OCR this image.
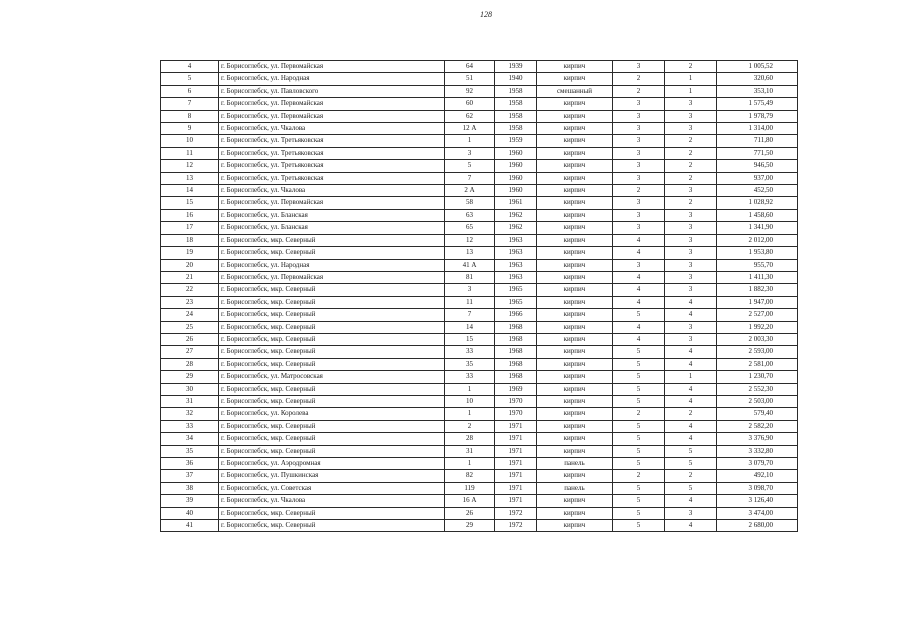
128
4	г. Борисоглебск, ул. Первомайская	64	1939	кирпич	3	2	1 005,52
5	г. Борисоглебск, ул. Народная	51	1940	кирпич	2	1	320,60
6	г. Борисоглебск, ул. Павловского	92	1958	смешанный	2	1	353,10
7	г. Борисоглебск, ул. Первомайская	60	1958	кирпич	3	3	1 575,49
8	г. Борисоглебск, ул. Первомайская	62	1958	кирпич	3	3	1 978,79
9	г. Борисоглебск, ул. Чкалова	12 А	1958	кирпич	3	3	1 314,00
10	г. Борисоглебск, ул. Третьяковская	1	1959	кирпич	3	2	711,80
11	г. Борисоглебск, ул. Третьяковская	3	1960	кирпич	3	2	771,50
12	г. Борисоглебск, ул. Третьяковская	5	1960	кирпич	3	2	946,50
13	г. Борисоглебск, ул. Третьяковская	7	1960	кирпич	3	2	937,00
14	г. Борисоглебск, ул. Чкалова	2 А	1960	кирпич	2	3	452,50
15	г. Борисоглебск, ул. Первомайская	58	1961	кирпич	3	2	1 028,92
16	г. Борисоглебск, ул. Бланская	63	1962	кирпич	3	3	1 458,60
17	г. Борисоглебск, ул. Бланская	65	1962	кирпич	3	3	1 341,90
18	г. Борисоглебск, мкр. Северный	12	1963	кирпич	4	3	2 012,00
19	г. Борисоглебск, мкр. Северный	13	1963	кирпич	4	3	1 953,80
20	г. Борисоглебск, ул. Народная	41 А	1963	кирпич	3	3	955,70
21	г. Борисоглебск, ул. Первомайская	81	1963	кирпич	4	3	1 411,30
22	г. Борисоглебск, мкр. Северный	3	1965	кирпич	4	3	1 882,30
23	г. Борисоглебск, мкр. Северный	11	1965	кирпич	4	4	1 947,00
24	г. Борисоглебск, мкр. Северный	7	1966	кирпич	5	4	2 527,00
25	г. Борисоглебск, мкр. Северный	14	1968	кирпич	4	3	1 992,20
26	г. Борисоглебск, мкр. Северный	15	1968	кирпич	4	3	2 003,30
27	г. Борисоглебск, мкр. Северный	33	1968	кирпич	5	4	2 593,00
28	г. Борисоглебск, мкр. Северный	35	1968	кирпич	5	4	2 581,00
29	г. Борисоглебск, ул. Матросовская	33	1968	кирпич	5	1	1 230,70
30	г. Борисоглебск, мкр. Северный	1	1969	кирпич	5	4	2 552,30
31	г. Борисоглебск, мкр. Северный	10	1970	кирпич	5	4	2 503,00
32	г. Борисоглебск, ул. Королева	1	1970	кирпич	2	2	579,40
33	г. Борисоглебск, мкр. Северный	2	1971	кирпич	5	4	2 582,20
34	г. Борисоглебск, мкр. Северный	28	1971	кирпич	5	4	3 376,90
35	г. Борисоглебск, мкр. Северный	31	1971	кирпич	5	5	3 332,80
36	г. Борисоглебск, ул. Аэродромная	1	1971	панель	5	5	3 079,70
37	г. Борисоглебск, ул. Пушкинская	82	1971	кирпич	2	2	492,10
38	г. Борисоглебск, ул. Советская	119	1971	панель	5	5	3 098,70
39	г. Борисоглебск, ул. Чкалова	16 А	1971	кирпич	5	4	3 126,40
40	г. Борисоглебск, мкр. Северный	26	1972	кирпич	5	3	3 474,00
41	г. Борисоглебск, мкр. Северный	29	1972	кирпич	5	4	2 680,00
